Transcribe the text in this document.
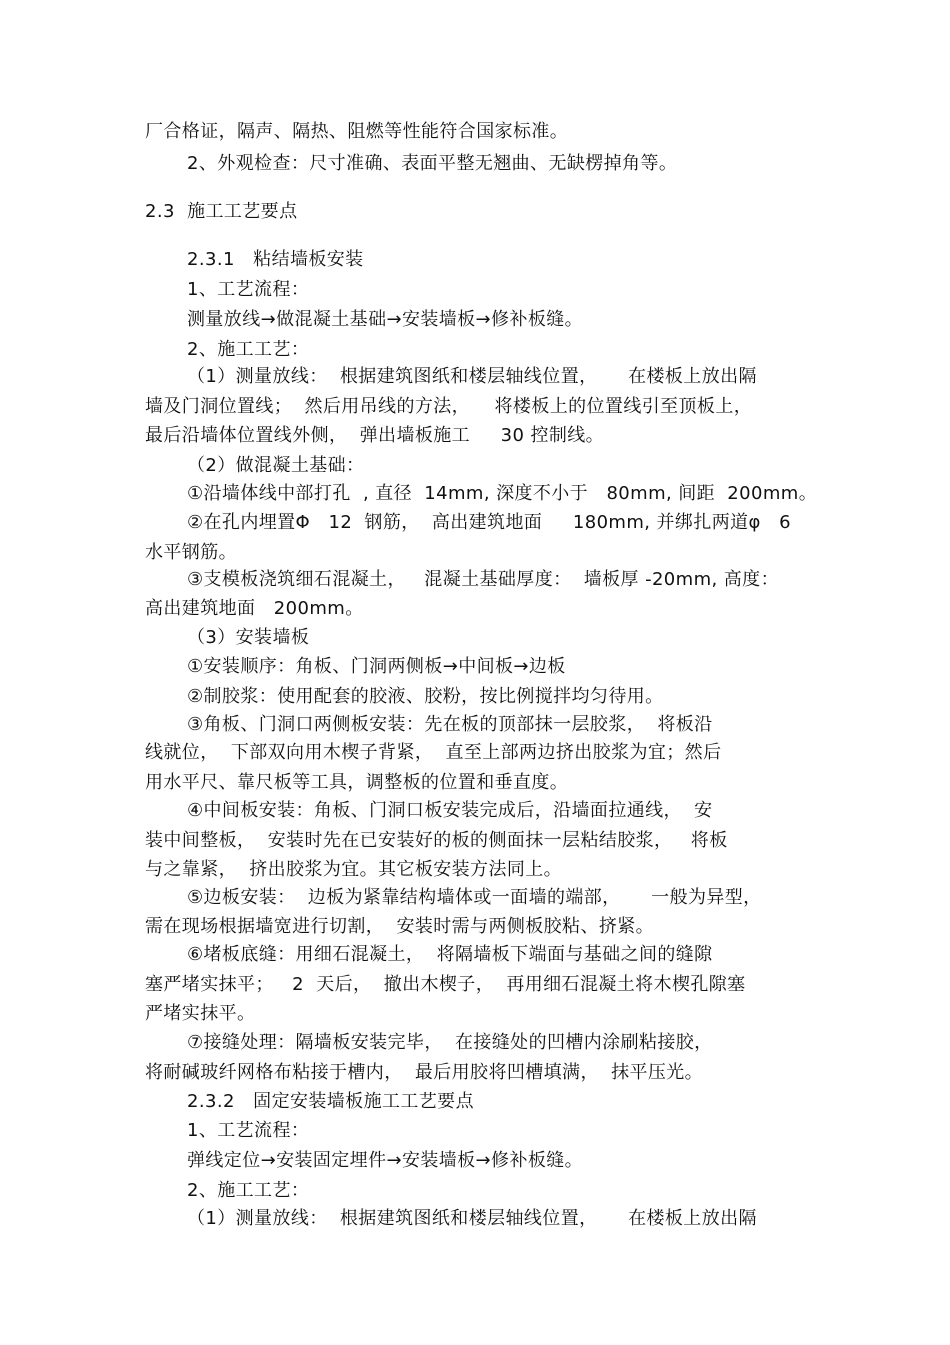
厂合格证，隔声、隔热、阻燃等性能符合国家标准。
2、外观检查：尺寸准确、表面平整无翘曲、无缺楞掉角等。
2.3  施工工艺要点
2.3.1   粘结墙板安装
1、工艺流程：
测量放线→做混凝土基础→安装墙板→修补板缝。
2、施工工艺：
（1）测量放线：  根据建筑图纸和楼层轴线位置，     在楼板上放出隔
墙及门洞位置线；  然后用吊线的方法，    将楼板上的位置线引至顶板上，
最后沿墙体位置线外侧，  弹出墙板施工     30 控制线。
（2）做混凝土基础：
①沿墙体线中部打孔  , 直径  14mm, 深度不小于   80mm, 间距  200mm。
②在孔内埋置Φ   12  钢筋，  高出建筑地面     180mm, 并绑扎两道φ   6
水平钢筋。
③支模板浇筑细石混凝土，   混凝土基础厚度：  墙板厚 -20mm, 高度：
高出建筑地面   200mm。
（3）安装墙板
①安装顺序：角板、门洞两侧板→中间板→边板
②制胶浆：使用配套的胶液、胶粉，按比例搅拌均匀待用。
③角板、门洞口两侧板安装：先在板的顶部抹一层胶浆，  将板沿
线就位，  下部双向用木楔子背紧，  直至上部两边挤出胶浆为宜；然后
用水平尺、靠尺板等工具，调整板的位置和垂直度。
④中间板安装：角板、门洞口板安装完成后，沿墙面拉通线，  安
装中间整板，  安装时先在已安装好的板的侧面抹一层粘结胶浆，   将板
与之靠紧，  挤出胶浆为宜。其它板安装方法同上。
⑤边板安装：  边板为紧靠结构墙体或一面墙的端部，     一般为异型，
需在现场根据墙宽进行切割，  安装时需与两侧板胶粘、挤紧。
⑥堵板底缝：用细石混凝土，  将隔墙板下端面与基础之间的缝隙
塞严堵实抹平；   2  天后，  撤出木楔子，  再用细石混凝土将木楔孔隙塞
严堵实抹平。
⑦接缝处理：隔墙板安装完毕，  在接缝处的凹槽内涂刷粘接胶，
将耐碱玻纤网格布粘接于槽内，  最后用胶将凹槽填满，  抹平压光。
2.3.2   固定安装墙板施工工艺要点
1、工艺流程：
弹线定位→安装固定埋件→安装墙板→修补板缝。
2、施工工艺：
（1）测量放线：  根据建筑图纸和楼层轴线位置，     在楼板上放出隔
